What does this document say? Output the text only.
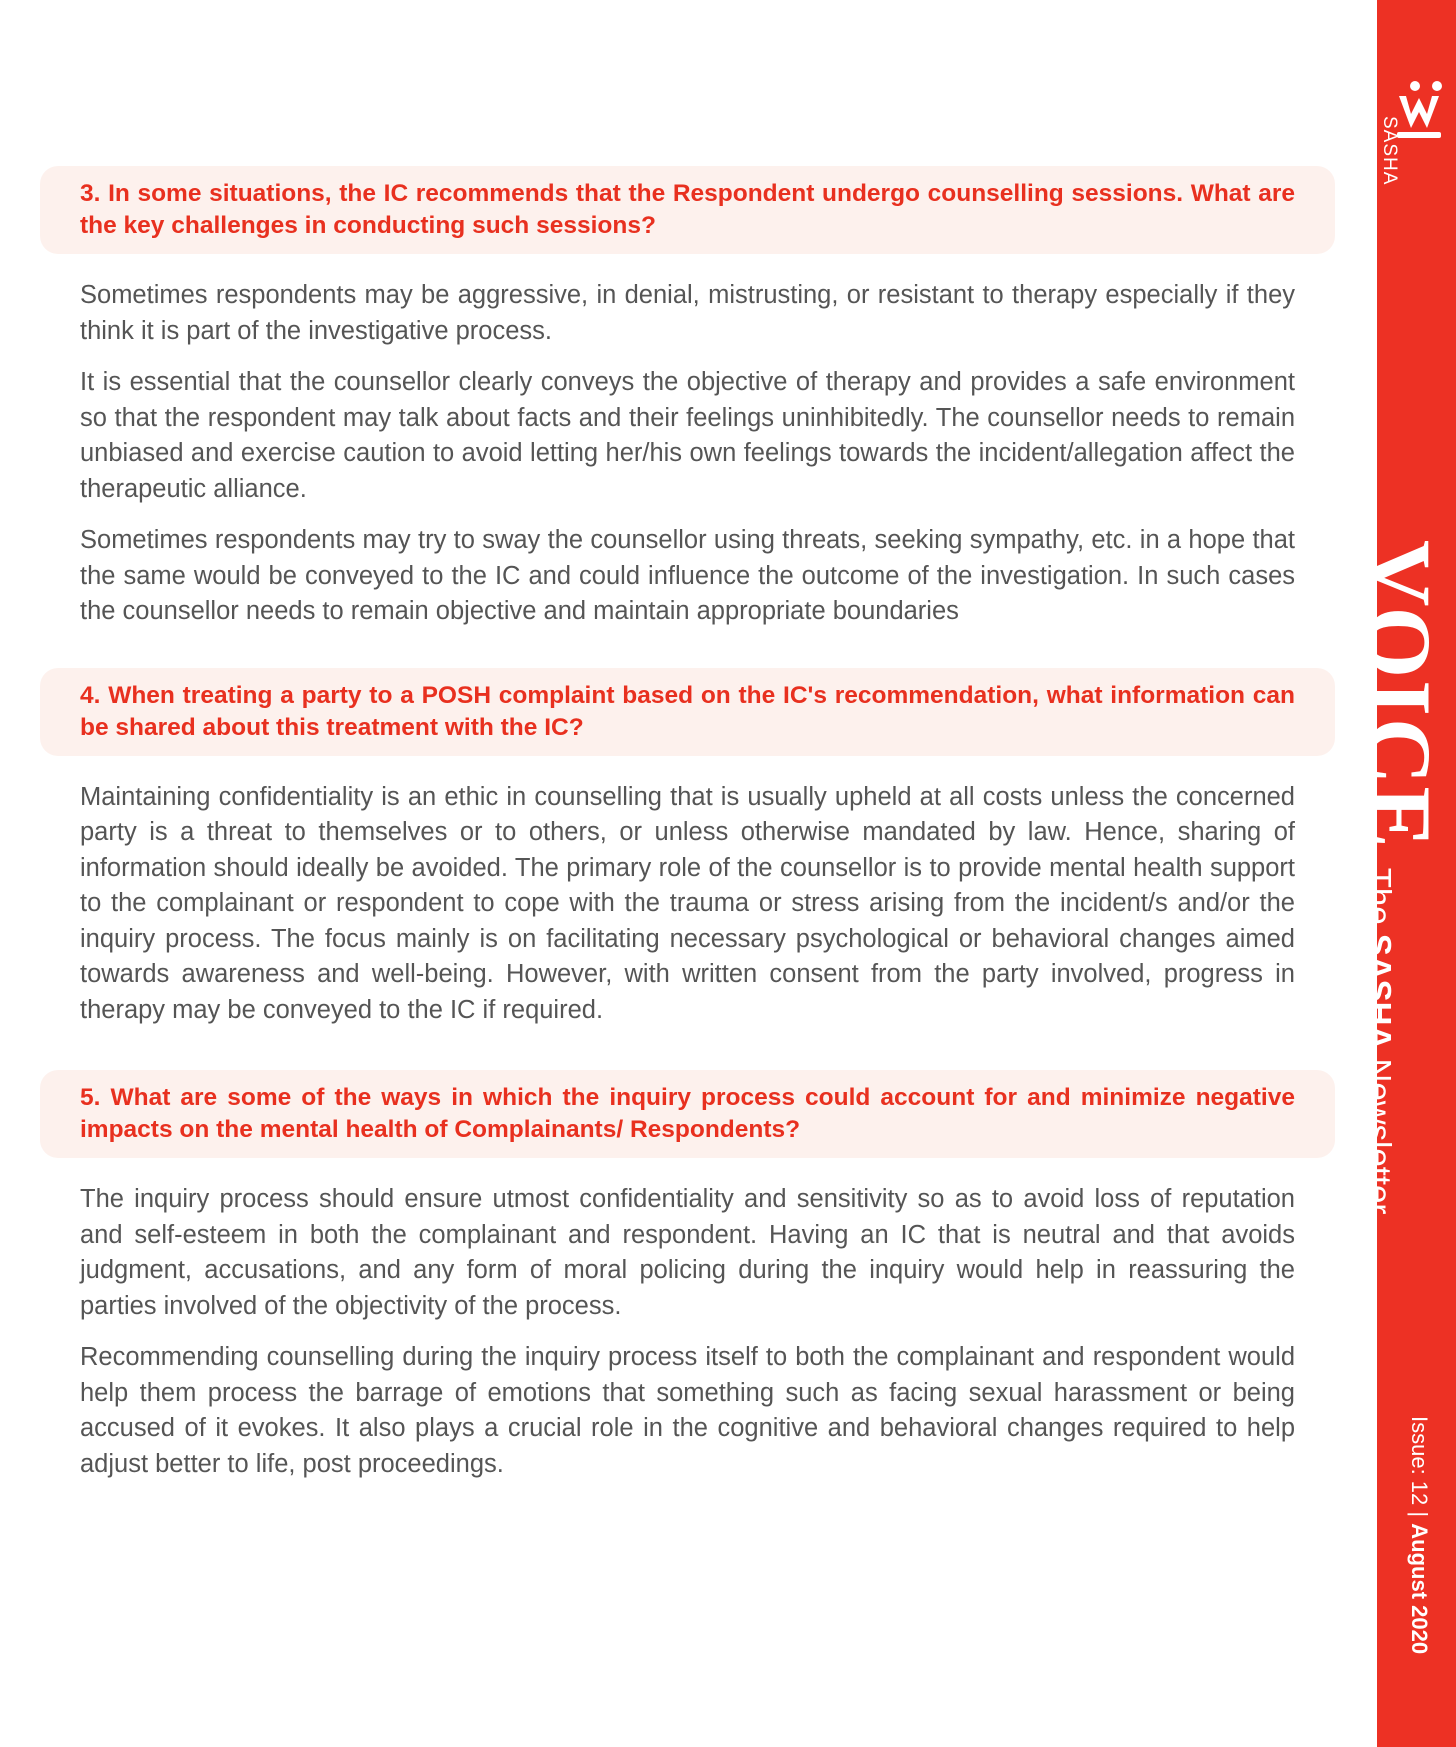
3. In some situations, the IC recommends that the Respondent undergo counselling sessions. What are the key challenges in conducting such sessions?

Sometimes respondents may be aggressive, in denial, mistrusting, or resistant to therapy especially if they think it is part of the investigative process.

It is essential that the counsellor clearly conveys the objective of therapy and provides a safe environment so that the respondent may talk about facts and their feelings uninhibitedly. The counsellor needs to remain unbiased and exercise caution to avoid letting her/his own feelings towards the incident/allegation affect the therapeutic alliance.

Sometimes respondents may try to sway the counsellor using threats, seeking sympathy, etc. in a hope that the same would be conveyed to the IC and could influence the outcome of the investigation. In such cases the counsellor needs to remain objective and maintain appropriate boundaries

4. When treating a party to a POSH complaint based on the IC's recommendation, what information can be shared about this treatment with the IC?

Maintaining confidentiality is an ethic in counselling that is usually upheld at all costs unless the concerned party is a threat to themselves or to others, or unless otherwise mandated by law. Hence, sharing of information should ideally be avoided. The primary role of the counsellor is to provide mental health support to the complainant or respondent to cope with the trauma or stress arising from the incident/s and/or the inquiry process. The focus mainly is on facilitating necessary psychological or behavioral changes aimed towards awareness and well-being. However, with written consent from the party involved, progress in therapy may be conveyed to the IC if required.

5. What are some of the ways in which the inquiry process could account for and minimize negative impacts on the mental health of Complainants/ Respondents?

The inquiry process should ensure utmost confidentiality and sensitivity so as to avoid loss of reputation and self-esteem in both the complainant and respondent. Having an IC that is neutral and that avoids judgment, accusations, and any form of moral policing during the inquiry would help in reassuring the parties involved of the objectivity of the process.

Recommending counselling during the inquiry process itself to both the complainant and respondent would help them process the barrage of emotions that something such as facing sexual harassment or being accused of it evokes. It also plays a crucial role in the cognitive and behavioral changes required to help adjust better to life, post proceedings.

SASHA
VOICEThe SASHA Newsletter
Issue: 12 | August 2020
